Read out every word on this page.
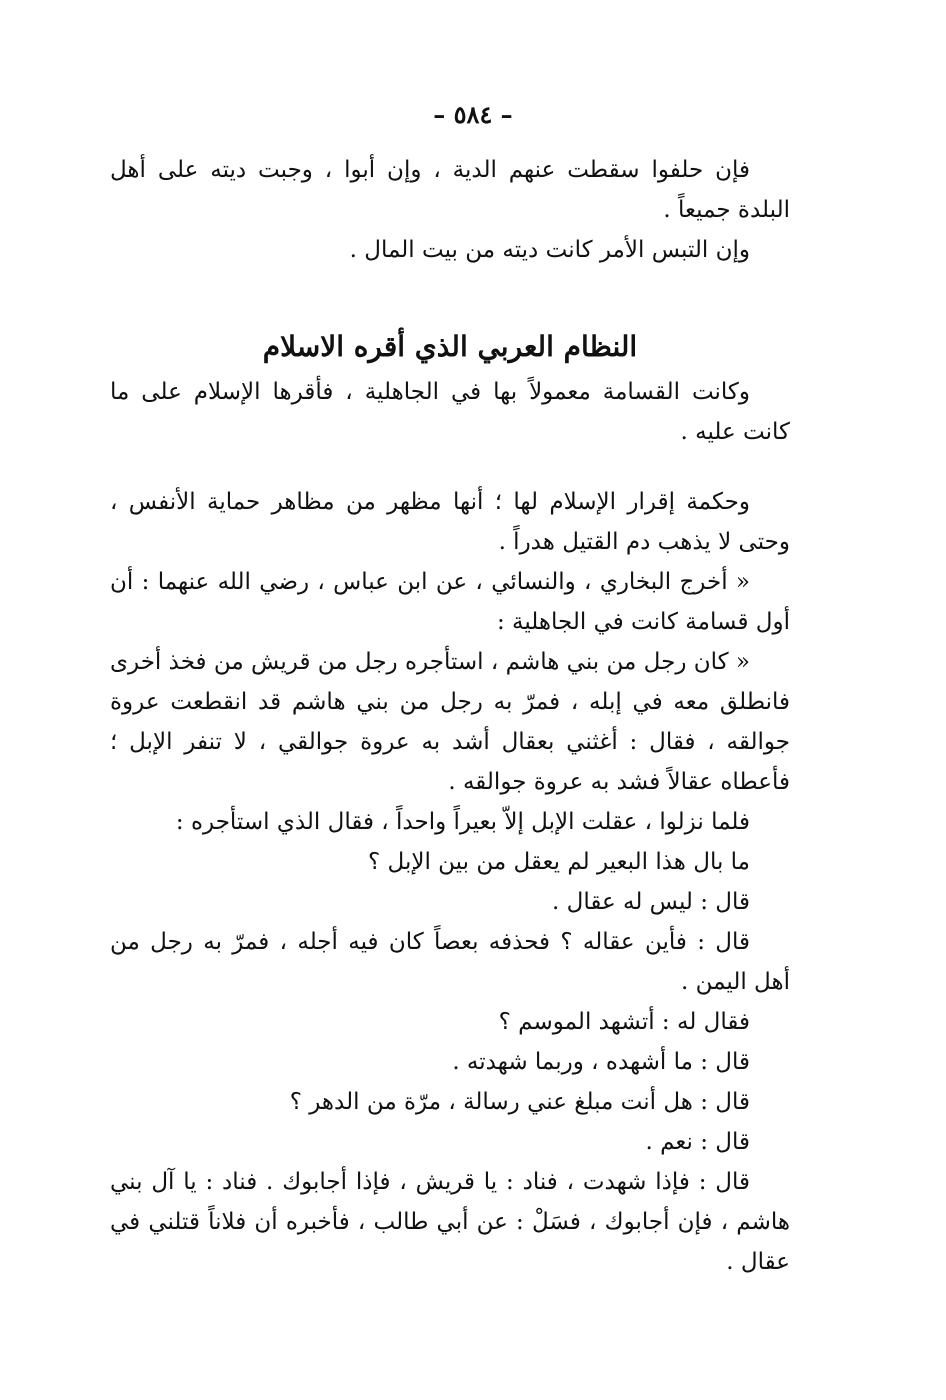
– ٥٨٤ –

فإن حلفوا سقطت عنهم الدية ، وإن أبوا ، وجبت ديته على أهل البلدة جميعاً .

وإن التبس الأمر كانت ديته من بيت المال .

النظام العربي الذي أقره الاسلام

وكانت القسامة معمولاً بها في الجاهلية ، فأقرها الإسلام على ما كانت عليه .

وحكمة إقرار الإسلام لها ؛ أنها مظهر من مظاهر حماية الأنفس ، وحتى لا يذهب دم القتيل هدراً .

« أخرج البخاري ، والنسائي ، عن ابن عباس ، رضي الله عنهما : أن أول قسامة كانت في الجاهلية :

« كان رجل من بني هاشم ، استأجره رجل من قريش من فخذ أخرى فانطلق معه في إبله ، فمرّ به رجل من بني هاشم قد انقطعت عروة جوالقه ، فقال : أغثني بعقال أشد به عروة جوالقي ، لا تنفر الإبل ؛ فأعطاه عقالاً فشد به عروة جوالقه .

فلما نزلوا ، عقلت الإبل إلاّ بعيراً واحداً ، فقال الذي استأجره :

ما بال هذا البعير لم يعقل من بين الإبل ؟

قال : ليس له عقال .

قال : فأين عقاله ؟ فحذفه بعصاً كان فيه أجله ، فمرّ به رجل من أهل اليمن .

فقال له : أتشهد الموسم ؟

قال : ما أشهده ، وربما شهدته .

قال : هل أنت مبلغ عني رسالة ، مرّة من الدهر ؟

قال : نعم .

قال : فإذا شهدت ، فناد : يا قريش ، فإذا أجابوك . فناد : يا آل بني هاشم ، فإن أجابوك ، فسَلْ : عن أبي طالب ، فأخبره أن فلاناً قتلني في عقال .
